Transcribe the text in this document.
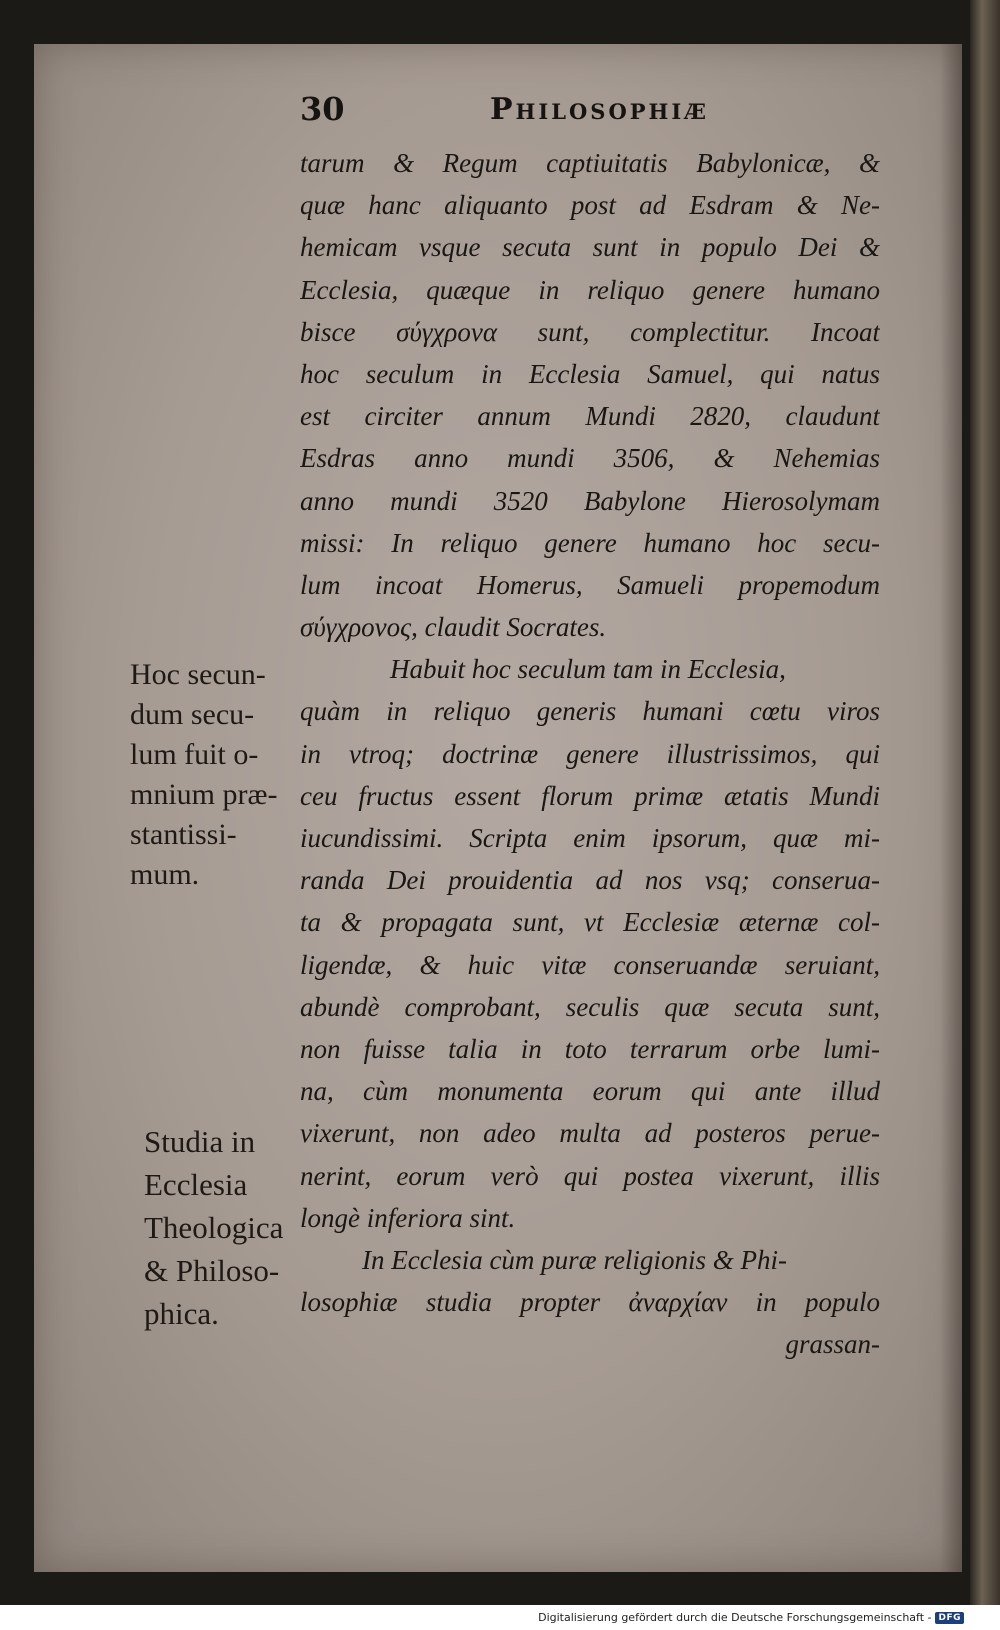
30	Philosophiæ
tarum & Regum captiuitatis Babylonicæ, &
quæ hanc aliquanto post ad Esdram & Ne-
hemicam vsque secuta sunt in populo Dei &
Ecclesia, quæque in reliquo genere humano
bisce σύγχρονα sunt, complectitur. Incoat
hoc seculum in Ecclesia Samuel, qui natus
est circiter annum Mundi 2820, claudunt
Esdras anno mundi 3506, & Nehemias
anno mundi 3520 Babylone Hierosolymam
missi: In reliquo genere humano hoc secu-
lum incoat Homerus, Samueli propemodum
σύγχρονος, claudit Socrates.
Habuit hoc seculum tam in Ecclesia,
quàm in reliquo generis humani cœtu viros
in vtroq; doctrinæ genere illustrissimos, qui
ceu fructus essent florum primæ ætatis Mundi
iucundissimi. Scripta enim ipsorum, quæ mi-
randa Dei prouidentia ad nos vsq; conserua-
ta & propagata sunt, vt Ecclesiæ æternæ col-
ligendæ, & huic vitæ conseruandæ seruiant,
abundè comprobant, seculis quæ secuta sunt,
non fuisse talia in toto terrarum orbe lumi-
na, cùm monumenta eorum qui ante illud
vixerunt, non adeo multa ad posteros perue-
nerint, eorum verò qui postea vixerunt, illis
longè inferiora sint.
In Ecclesia cùm puræ religionis & Phi-
losophiæ studia propter ἀναρχίαν in populo
grassan-
Hoc secun-
dum secu-
lum fuit o-
mnium præ-
stantissi-
mum.
Studia in
Ecclesia
Theologica
& Philoso-
phica.
Digitalisierung gefördert durch die Deutsche Forschungsgemeinschaft - DFG
